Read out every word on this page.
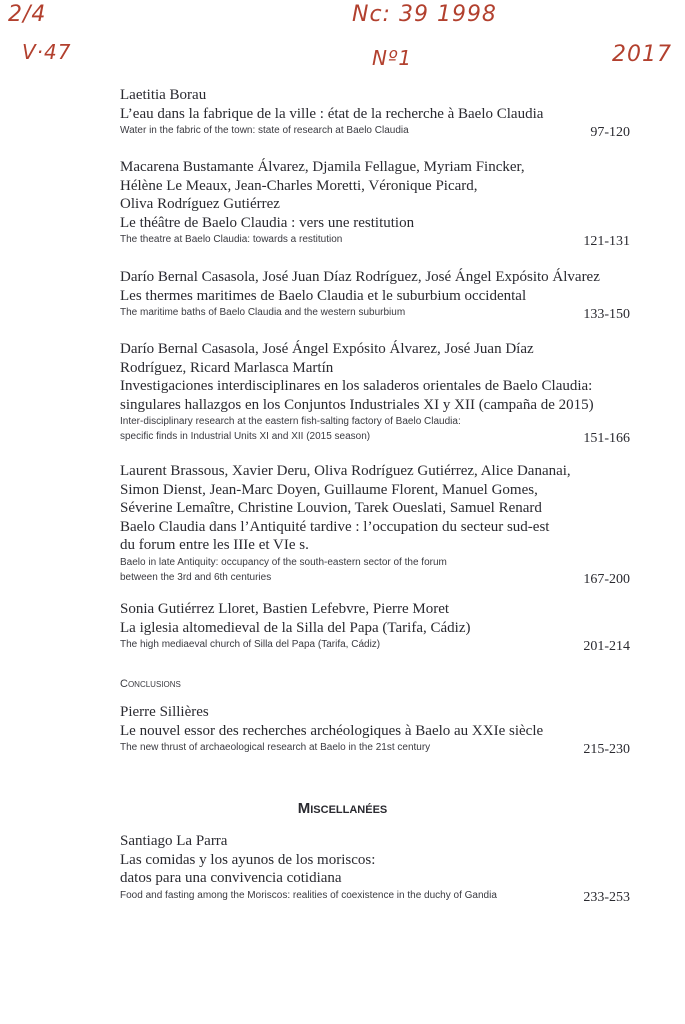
2/4
V·47
Nc: 39 1998
Nº1	2017
Laetitia Borau
L’eau dans la fabrique de la ville : état de la recherche à Baelo Claudia
Water in the fabric of the town: state of research at Baelo Claudia	97-120
Macarena Bustamante Álvarez, Djamila Fellague, Myriam Fincker,
Hélène Le Meaux, Jean-Charles Moretti, Véronique Picard,
Oliva Rodríguez Gutiérrez
Le théâtre de Baelo Claudia : vers une restitution
The theatre at Baelo Claudia: towards a restitution	121-131
Darío Bernal Casasola, José Juan Díaz Rodríguez, José Ángel Expósito Álvarez
Les thermes maritimes de Baelo Claudia et le suburbium occidental
The maritime baths of Baelo Claudia and the western suburbium	133-150
Darío Bernal Casasola, José Ángel Expósito Álvarez, José Juan Díaz
Rodríguez, Ricard Marlasca Martín
Investigaciones interdisciplinares en los saladeros orientales de Baelo Claudia:
singulares hallazgos en los Conjuntos Industriales XI y XII (campaña de 2015)
Inter-disciplinary research at the eastern fish-salting factory of Baelo Claudia:
specific finds in Industrial Units XI and XII (2015 season)	151-166
Laurent Brassous, Xavier Deru, Oliva Rodríguez Gutiérrez, Alice Dananai,
Simon Dienst, Jean-Marc Doyen, Guillaume Florent, Manuel Gomes,
Séverine Lemaître, Christine Louvion, Tarek Oueslati, Samuel Renard
Baelo Claudia dans l’Antiquité tardive : l’occupation du secteur sud-est
du forum entre les IIIe et VIe s.
Baelo in late Antiquity: occupancy of the south-eastern sector of the forum
between the 3rd and 6th centuries	167-200
Sonia Gutiérrez Lloret, Bastien Lefebvre, Pierre Moret
La iglesia altomedieval de la Silla del Papa (Tarifa, Cádiz)
The high mediaeval church of Silla del Papa (Tarifa, Cádiz)	201-214
Conclusions
Pierre Sillières
Le nouvel essor des recherches archéologiques à Baelo au XXIe siècle
The new thrust of archaeological research at Baelo in the 21st century	215-230
Miscellanées
Santiago La Parra
Las comidas y los ayunos de los moriscos:
datos para una convivencia cotidiana
Food and fasting among the Moriscos: realities of coexistence in the duchy of Gandia	233-253
